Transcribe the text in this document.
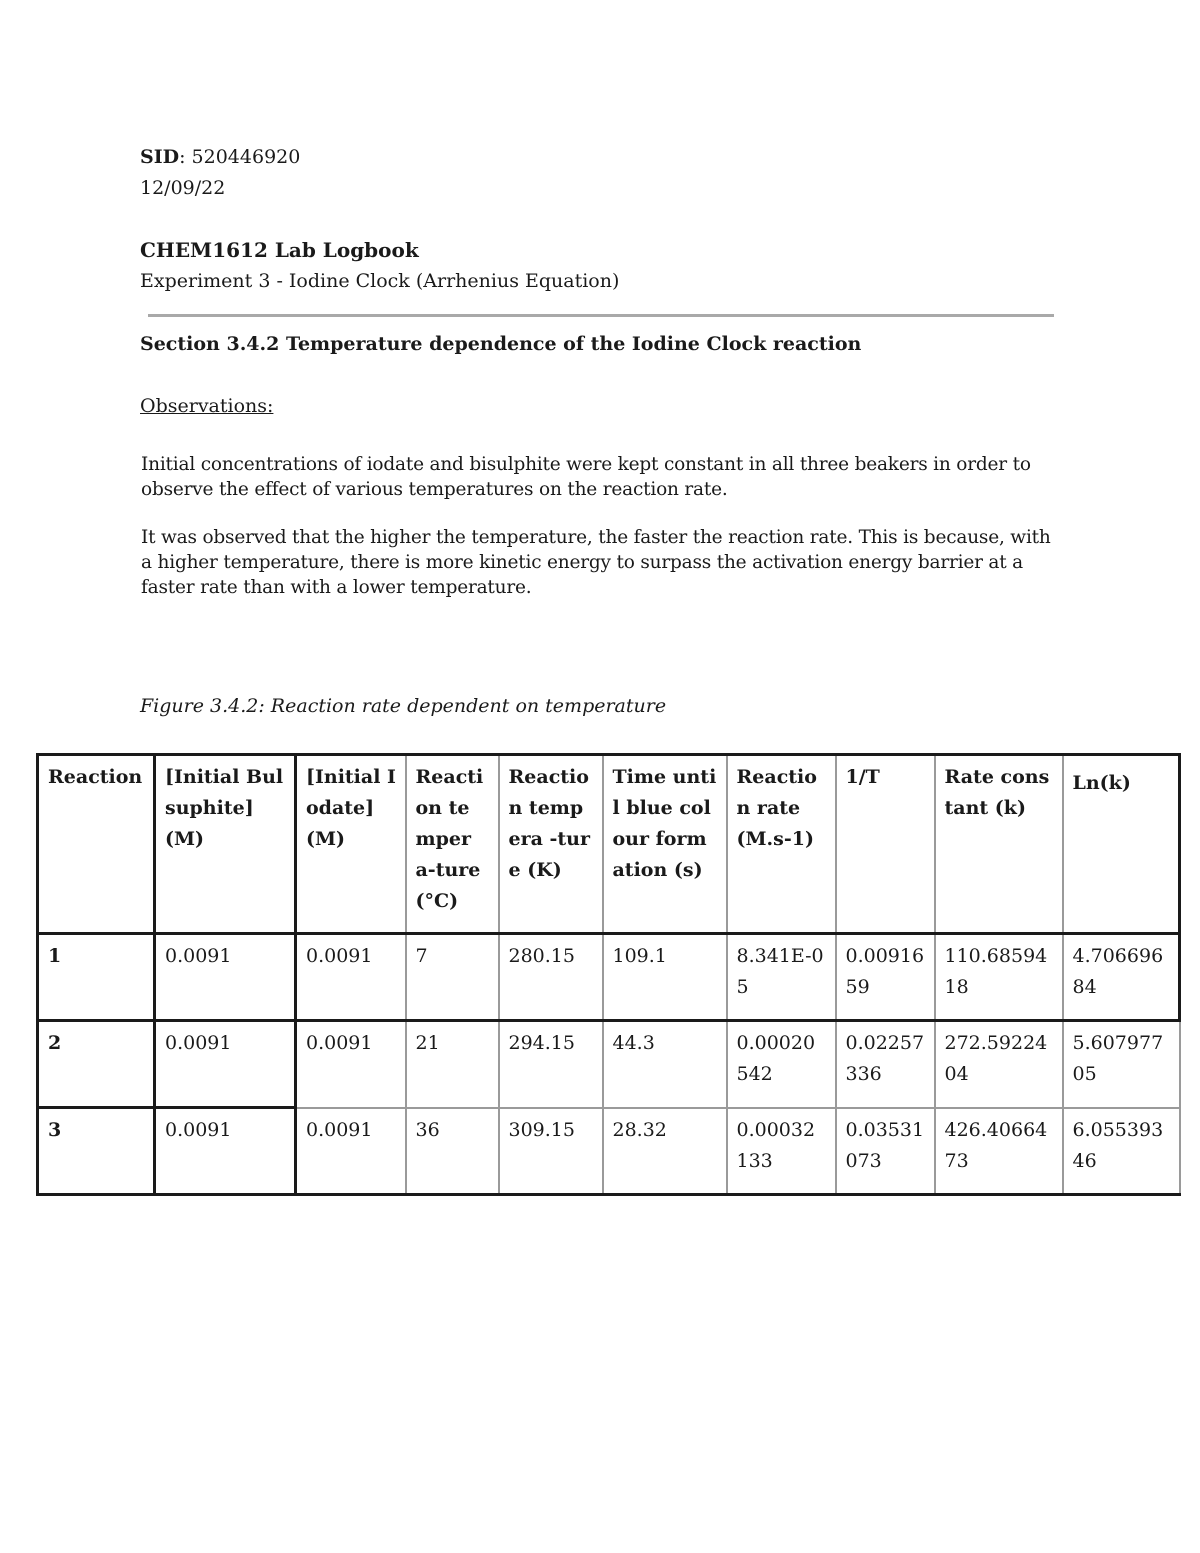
SID: 520446920

12/09/22

CHEM1612 Lab Logbook

Experiment 3 - Iodine Clock (Arrhenius Equation)

Section 3.4.2 Temperature dependence of the Iodine Clock reaction

Observations:

Initial concentrations of iodate and bisulphite were kept constant in all three beakers in order to observe the effect of various temperatures on the reaction rate.

It was observed that the higher the temperature, the faster the reaction rate. This is because, with a higher temperature, there is more kinetic energy to surpass the activation energy barrier at a faster rate than with a lower temperature.

Figure 3.4.2: Reaction rate dependent on temperature

Reaction	[Initial Bulsuphite] (M)	[Initial Iodate] (M)	Reacti on temper a-ture (°C)	Reactio n tempera -ture (K)	Time until blue colour formation (s)	Reactio n rate (M.s-1)	1/T	Rate constant (k)	Ln(k)
1	0.0091	0.0091	7	280.15	109.1	8.341E-05	0.0091659	110.6859418	4.70669684
2	0.0091	0.0091	21	294.15	44.3	0.00020542	0.02257336	272.5922404	5.60797705
3	0.0091	0.0091	36	309.15	28.32	0.00032133	0.03531073	426.4066473	6.05539346
